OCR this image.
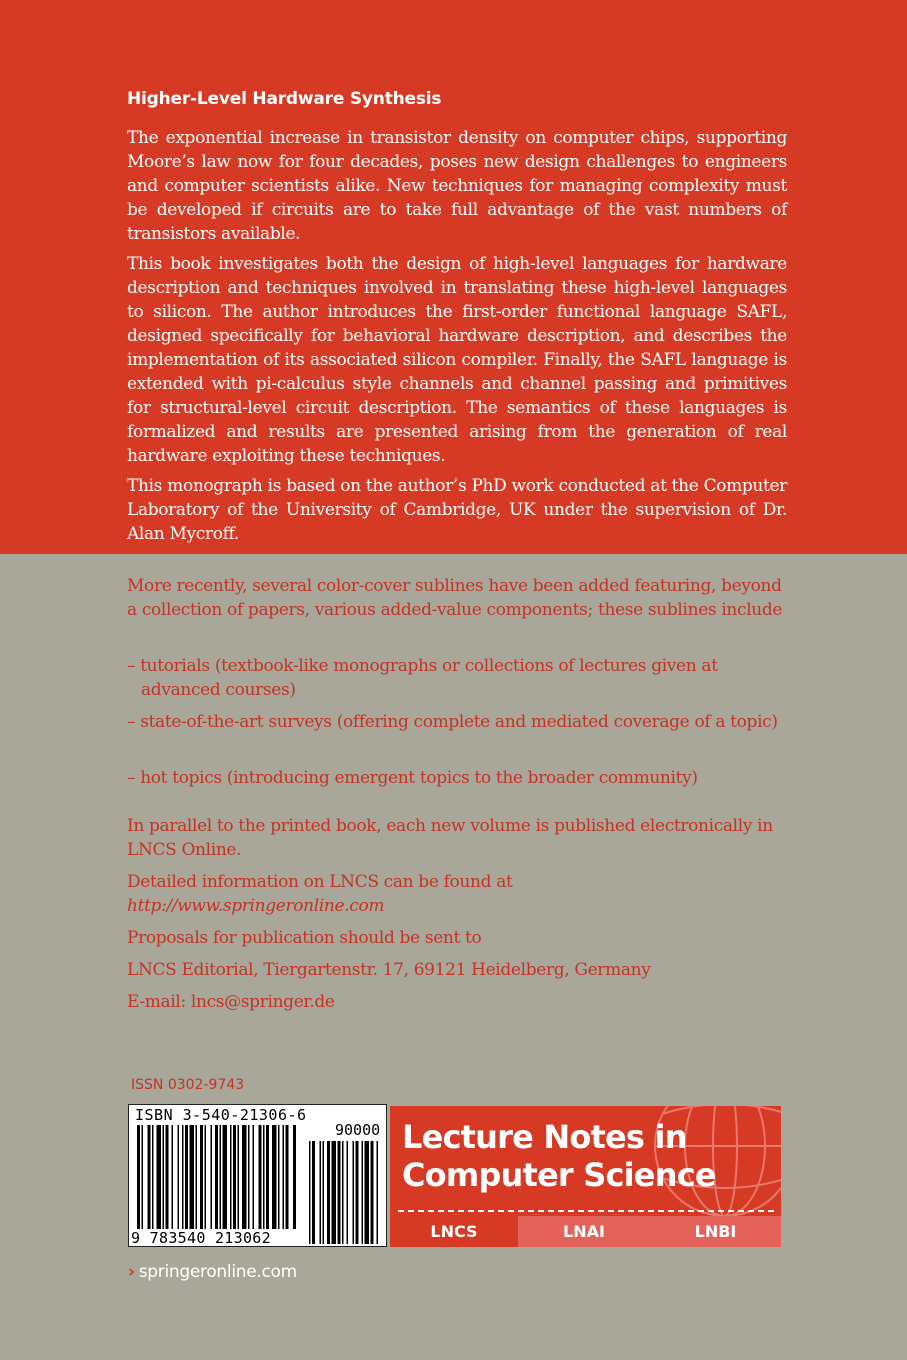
Higher-Level Hardware Synthesis
The exponential increase in transistor density on computer chips, supporting Moore’s law now for four decades, poses new design challenges to engineers and computer scientists alike. New techniques for managing complexity must be developed if circuits are to take full advantage of the vast numbers of transistors available.
This book investigates both the design of high-level languages for hardware description and techniques involved in translating these high-level languages to silicon. The author introduces the first-order functional language SAFL, designed specifically for behavioral hardware description, and describes the implementation of its associated silicon compiler. Finally, the SAFL language is extended with pi-calculus style channels and channel passing and primitives for structural-level circuit description. The semantics of these languages is formalized and results are presented arising from the generation of real hardware exploiting these techniques.
This monograph is based on the author’s PhD work conducted at the Computer Laboratory of the University of Cambridge, UK under the supervision of Dr. Alan Mycroff.
More recently, several color-cover sublines have been added featuring, beyond a collection of papers, various added-value components; these sublines include
– tutorials (textbook-like monographs or collections of lectures given at advanced courses)
– state-of-the-art surveys (offering complete and mediated coverage of a topic)
– hot topics (introducing emergent topics to the broader community)
In parallel to the printed book, each new volume is published electronically in LNCS Online.
Detailed information on LNCS can be found at
http://www.springeronline.com
Proposals for publication should be sent to
LNCS Editorial, Tiergartenstr. 17, 69121 Heidelberg, Germany
E-mail: lncs@springer.de
ISSN 0302-9743
ISBN 3-540-21306-6
90000
9 783540 213062
Lecture Notes in
Computer Science
LNCS	LNAI	LNBI
› springeronline.com
